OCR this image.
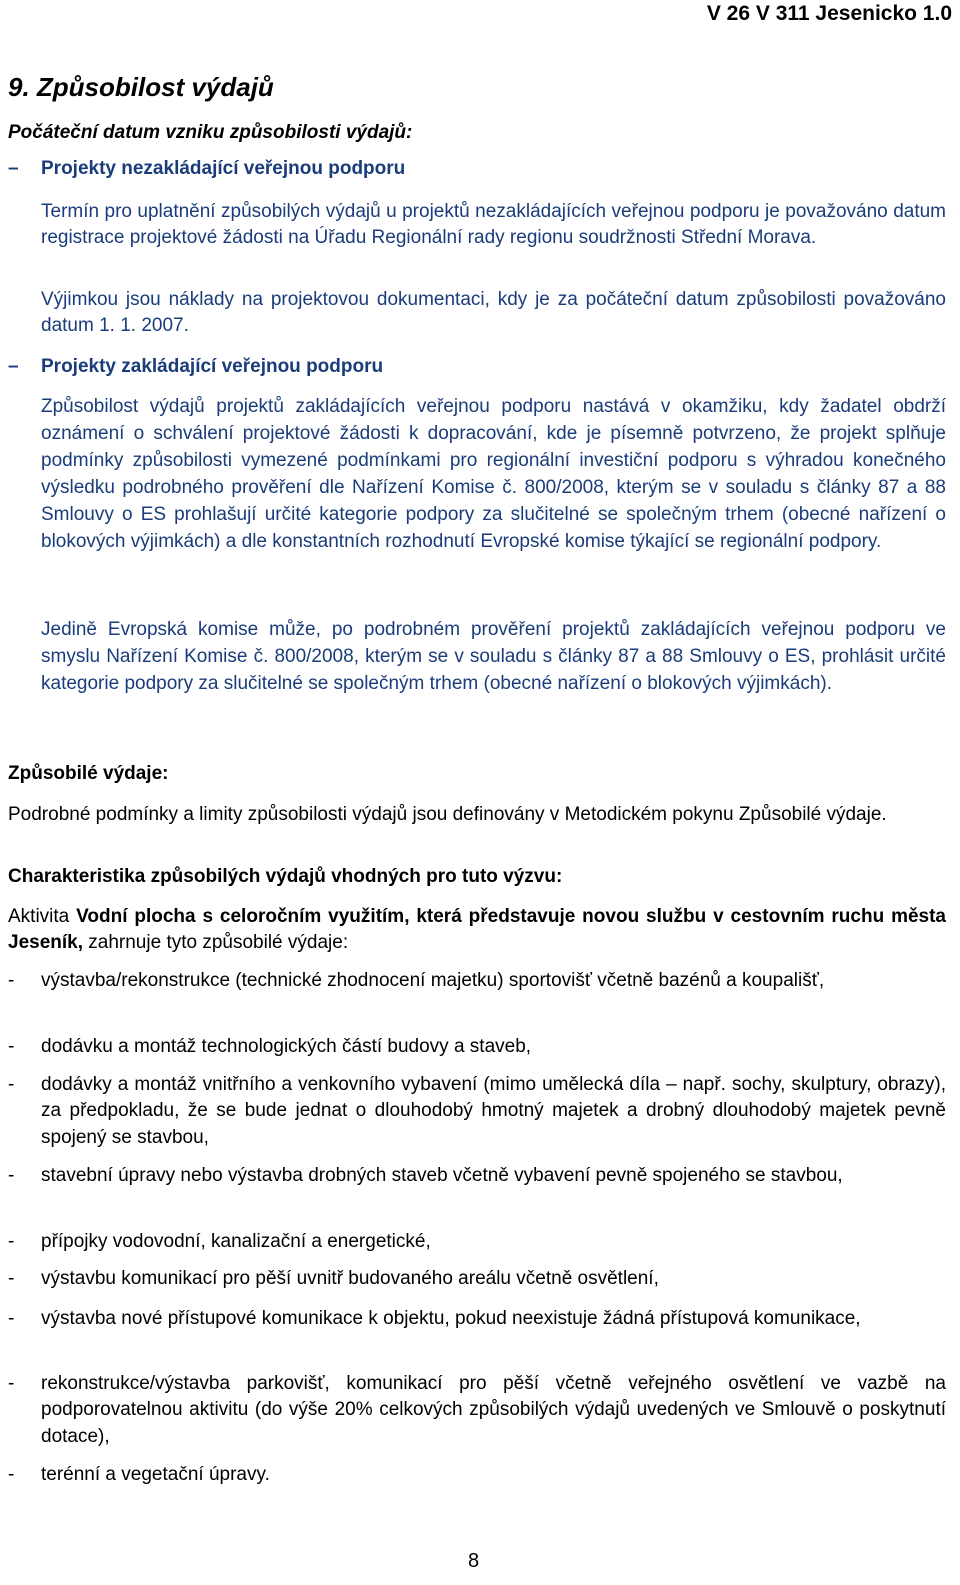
V 26 V 311 Jesenicko 1.0
9. Způsobilost výdajů
Počáteční datum vzniku způsobilosti výdajů:
– Projekty nezakládající veřejnou podporu
Termín pro uplatnění způsobilých výdajů u projektů nezakládajících veřejnou podporu je považováno datum registrace projektové žádosti na Úřadu Regionální rady regionu soudržnosti Střední Morava.
Výjimkou jsou náklady na projektovou dokumentaci, kdy je za počáteční datum způsobilosti považováno datum 1. 1. 2007.
– Projekty zakládající veřejnou podporu
Způsobilost výdajů projektů zakládajících veřejnou podporu nastává v okamžiku, kdy žadatel obdrží oznámení o schválení projektové žádosti k dopracování, kde je písemně potvrzeno, že projekt splňuje podmínky způsobilosti vymezené podmínkami pro regionální investiční podporu s výhradou konečného výsledku podrobného prověření dle Nařízení Komise č. 800/2008, kterým se v souladu s články 87 a 88 Smlouvy o ES prohlašují určité kategorie podpory za slučitelné se společným trhem (obecné nařízení o blokových výjimkách) a dle konstantních rozhodnutí Evropské komise týkající se regionální podpory.
Jedině Evropská komise může, po podrobném prověření projektů zakládajících veřejnou podporu ve smyslu Nařízení Komise č. 800/2008, kterým se v souladu s články 87 a 88 Smlouvy o ES, prohlásit určité kategorie podpory za slučitelné se společným trhem (obecné nařízení o blokových výjimkách).
Způsobilé výdaje:
Podrobné podmínky a limity způsobilosti výdajů jsou definovány v Metodickém pokynu Způsobilé výdaje.
Charakteristika způsobilých výdajů vhodných pro tuto výzvu:
Aktivita Vodní plocha s celoročním využitím, která představuje novou službu v cestovním ruchu města Jeseník, zahrnuje tyto způsobilé výdaje:
- výstavba/rekonstrukce (technické zhodnocení majetku) sportovišť včetně bazénů a koupališť,
- dodávku a montáž technologických částí budovy a staveb,
- dodávky a montáž vnitřního a venkovního vybavení (mimo umělecká díla – např. sochy, skulptury, obrazy), za předpokladu, že se bude jednat o dlouhodobý hmotný majetek a drobný dlouhodobý majetek pevně spojený se stavbou,
- stavební úpravy nebo výstavba drobných staveb včetně vybavení pevně spojeného se stavbou,
- přípojky vodovodní, kanalizační a energetické,
- výstavbu komunikací pro pěší uvnitř budovaného areálu včetně osvětlení,
- výstavba nové přístupové komunikace k objektu, pokud neexistuje žádná přístupová komunikace,
- rekonstrukce/výstavba parkovišť, komunikací pro pěší včetně veřejného osvětlení ve vazbě na podporovatelnou aktivitu (do výše 20% celkových způsobilých výdajů uvedených ve Smlouvě o poskytnutí dotace),
- terénní a vegetační úpravy.
8
